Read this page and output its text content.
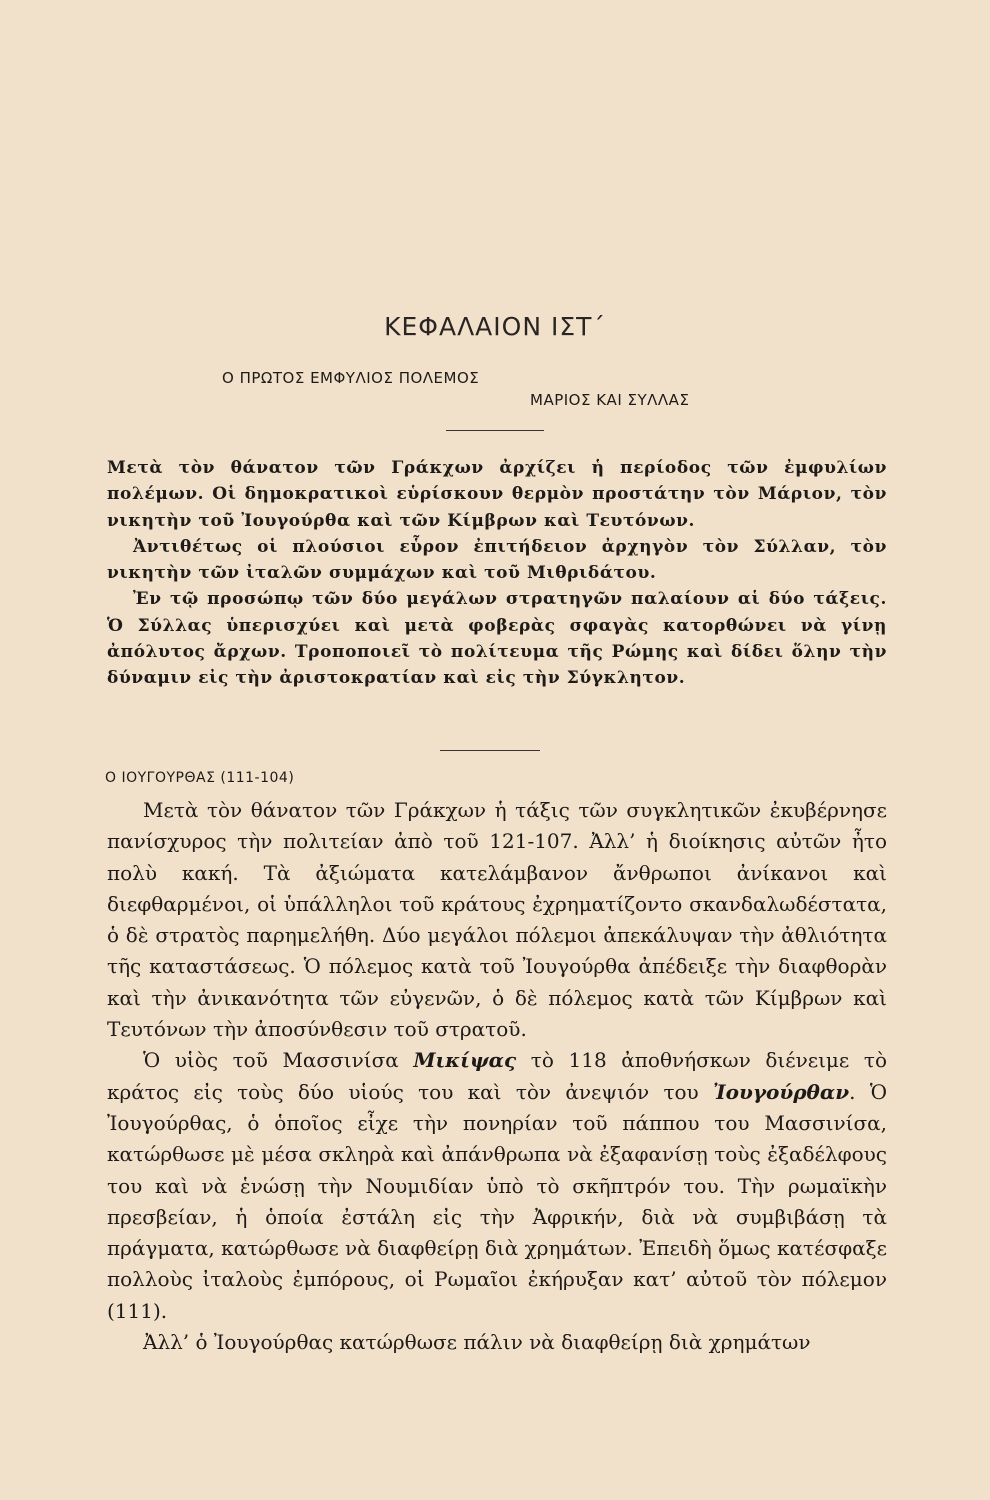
ΚΕΦΑΛΑΙΟΝ ΙΣΤ΄
Ο ΠΡΩΤΟΣ ΕΜΦΥΛΙΟΣ ΠΟΛΕΜΟΣ
ΜΑΡΙΟΣ ΚΑΙ ΣΥΛΛΑΣ

Μετὰ τὸν θάνατον τῶν Γράκχων ἀρχίζει ἡ περίοδος τῶν ἐμφυλίων πολέμων. Οἱ δημοκρατικοὶ εὑρίσκουν θερμὸν προστάτην τὸν Μάριον, τὸν νικητὴν τοῦ Ἰουγούρθα καὶ τῶν Κίμβρων καὶ Τευτόνων.

Ἀντιθέτως οἱ πλούσιοι εὗρον ἐπιτήδειον ἀρχηγὸν τὸν Σύλλαν, τὸν νικητὴν τῶν ἰταλῶν συμμάχων καὶ τοῦ Μιθριδάτου.

Ἐν τῷ προσώπῳ τῶν δύο μεγάλων στρατηγῶν παλαίουν αἱ δύο τάξεις. Ὁ Σύλλας ὑπερισχύει καὶ μετὰ φοβερὰς σφαγὰς κατορθώνει νὰ γίνῃ ἀπόλυτος ἄρχων. Τροποποιεῖ τὸ πολίτευμα τῆς Ρώμης καὶ δίδει ὅλην τὴν δύναμιν εἰς τὴν ἀριστοκρατίαν καὶ εἰς τὴν Σύγκλητον.

Ο ΙΟΥΓΟΥΡΘΑΣ (111-104)

Μετὰ τὸν θάνατον τῶν Γράκχων ἡ τάξις τῶν συγκλητικῶν ἐκυβέρνησε πανίσχυρος τὴν πολιτείαν ἀπὸ τοῦ 121-107. Ἀλλ’ ἡ διοίκησις αὐτῶν ἦτο πολὺ κακή. Τὰ ἀξιώματα κατελάμβανον ἄνθρωποι ἀνίκανοι καὶ διεφθαρμένοι, οἱ ὑπάλληλοι τοῦ κράτους ἐχρηματίζοντο σκανδαλωδέστατα, ὁ δὲ στρατὸς παρημελήθη. Δύο μεγάλοι πόλεμοι ἀπεκάλυψαν τὴν ἀθλιότητα τῆς καταστάσεως. Ὁ πόλεμος κατὰ τοῦ Ἰουγούρθα ἀπέδειξε τὴν διαφθορὰν καὶ τὴν ἀνικανότητα τῶν εὐγενῶν, ὁ δὲ πόλεμος κατὰ τῶν Κίμβρων καὶ Τευτόνων τὴν ἀποσύνθεσιν τοῦ στρατοῦ.

Ὁ υἱὸς τοῦ Μασσινίσα Μικίψας τὸ 118 ἀποθνήσκων διένειμε τὸ κράτος εἰς τοὺς δύο υἱούς του καὶ τὸν ἀνεψιόν του Ἰουγούρθαν. Ὁ Ἰουγούρθας, ὁ ὁποῖος εἶχε τὴν πονηρίαν τοῦ πάππου του Μασσινίσα, κατώρθωσε μὲ μέσα σκληρὰ καὶ ἀπάνθρωπα νὰ ἐξαφανίσῃ τοὺς ἐξαδέλφους του καὶ νὰ ἑνώσῃ τὴν Νουμιδίαν ὑπὸ τὸ σκῆπτρόν του. Τὴν ρωμαϊκὴν πρεσβείαν, ἡ ὁποία ἐστάλη εἰς τὴν Ἀφρικήν, διὰ νὰ συμβιβάσῃ τὰ πράγματα, κατώρθωσε νὰ διαφθείρῃ διὰ χρημάτων. Ἐπειδὴ ὅμως κατέσφαξε πολλοὺς ἰταλοὺς ἐμπόρους, οἱ Ρωμαῖοι ἐκήρυξαν κατ’ αὐτοῦ τὸν πόλεμον (111).

Ἀλλ’ ὁ Ἰουγούρθας κατώρθωσε πάλιν νὰ διαφθείρῃ διὰ χρημάτων
